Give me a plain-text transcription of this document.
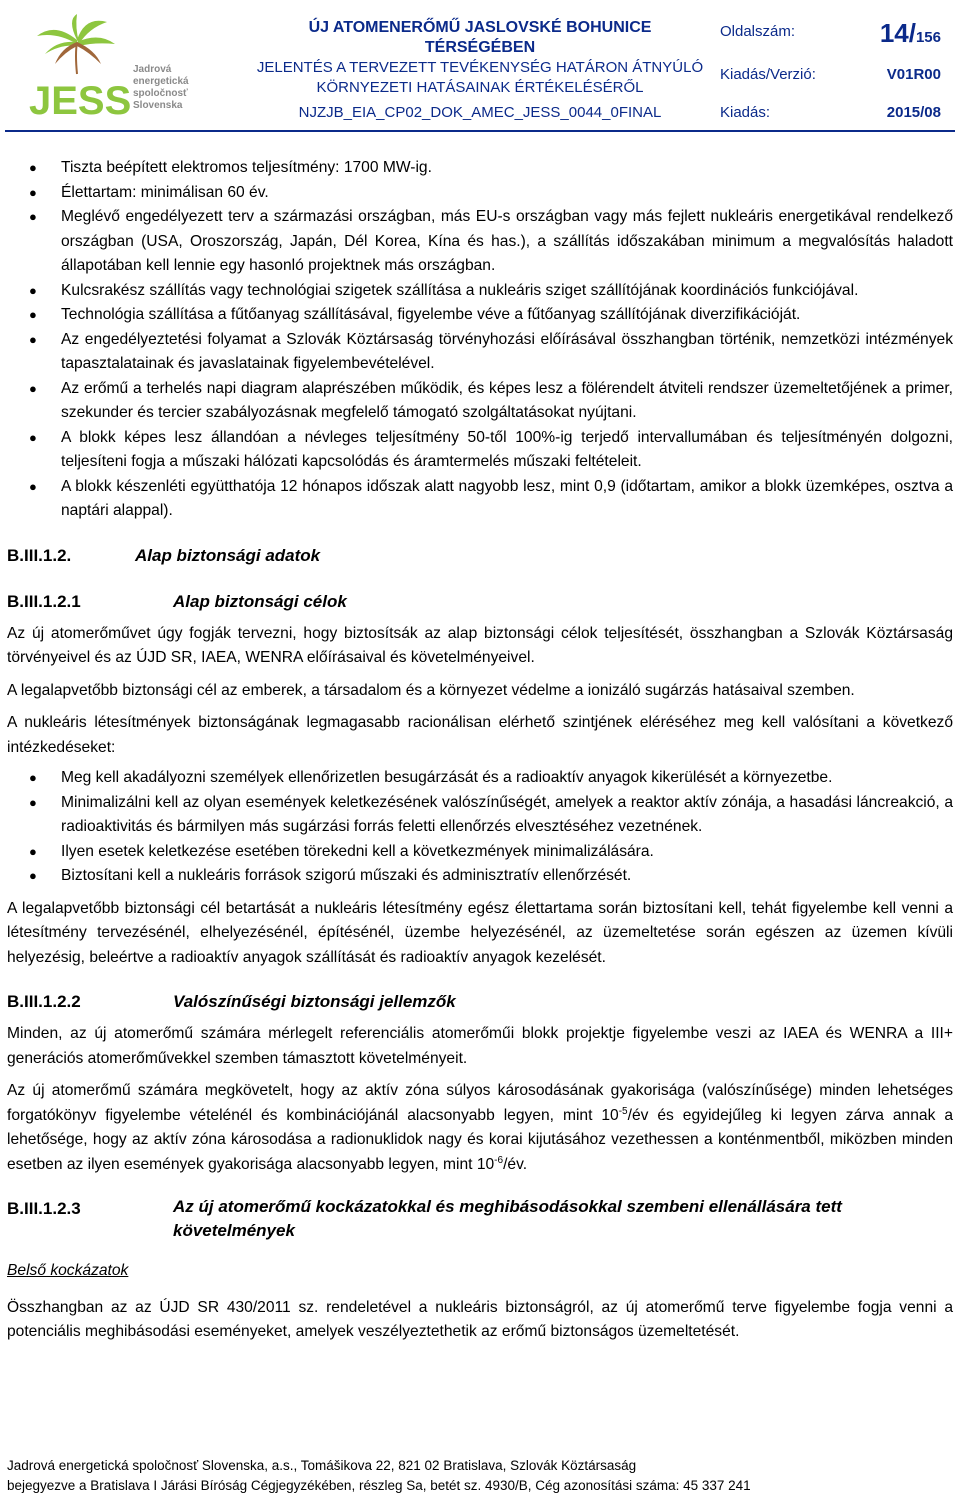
JESS
Jadrová
energetická
spoločnosť
Slovenska
ÚJ ATOMENERŐMŰ JASLOVSKÉ BOHUNICE TÉRSÉGÉBEN
JELENTÉS A TERVEZETT TEVÉKENYSÉG HATÁRON ÁTNYÚLÓ
KÖRNYEZETI HATÁSAINAK ÉRTÉKELÉSÉRŐL
NJZJB_EIA_CP02_DOK_AMEC_JESS_0044_0FINAL
Oldalszám:	14/156
Kiadás/Verzió:	V01R00
Kiadás:	2015/08
● Tiszta beépített elektromos teljesítmény: 1700 MW-ig.
● Élettartam: minimálisan 60 év.
● Meglévő engedélyezett terv a származási országban, más EU-s országban vagy más fejlett nukleáris energetikával rendelkező országban (USA, Oroszország, Japán, Dél Korea, Kína és has.), a szállítás időszakában minimum a megvalósítás haladott állapotában kell lennie egy hasonló projektnek más országban.
● Kulcsrakész szállítás vagy technológiai szigetek szállítása a nukleáris sziget szállítójának koordinációs funkciójával.
● Technológia szállítása a fűtőanyag szállításával, figyelembe véve a fűtőanyag szállítójának diverzifikációját.
● Az engedélyeztetési folyamat a Szlovák Köztársaság törvényhozási előírásával összhangban történik, nemzetközi intézmények tapasztalatainak és javaslatainak figyelembevételével.
● Az erőmű a terhelés napi diagram alaprészében működik, és képes lesz a fölérendelt átviteli rendszer üzemeltetőjének a primer, szekunder és tercier szabályozásnak megfelelő támogató szolgáltatásokat nyújtani.
● A blokk képes lesz állandóan a névleges teljesítmény 50-től 100%-ig terjedő intervallumában és teljesítményén dolgozni, teljesíteni fogja a műszaki hálózati kapcsolódás és áramtermelés műszaki feltételeit.
● A blokk készenléti együtthatója 12 hónapos időszak alatt nagyobb lesz, mint 0,9 (időtartam, amikor a blokk üzemképes, osztva a naptári alappal).
B.III.1.2.	Alap biztonsági adatok
B.III.1.2.1	Alap biztonsági célok

Az új atomerőművet úgy fogják tervezni, hogy biztosítsák az alap biztonsági célok teljesítését, összhangban a Szlovák Köztársaság törvényeivel és az ÚJD SR, IAEA, WENRA előírásaival és követelményeivel.

A legalapvetőbb biztonsági cél az emberek, a társadalom és a környezet védelme a ionizáló sugárzás hatásaival szemben.

A nukleáris létesítmények biztonságának legmagasabb racionálisan elérhető szintjének eléréséhez meg kell valósítani a következő intézkedéseket:

● Meg kell akadályozni személyek ellenőrizetlen besugárzását és a radioaktív anyagok kikerülését a környezetbe.
● Minimalizálni kell az olyan események keletkezésének valószínűségét, amelyek a reaktor aktív zónája, a hasadási láncreakció, a radioaktivitás és bármilyen más sugárzási forrás feletti ellenőrzés elvesztéséhez vezetnének.
● Ilyen esetek keletkezése esetében törekedni kell a következmények minimalizálására.
● Biztosítani kell a nukleáris források szigorú műszaki és adminisztratív ellenőrzését.

A legalapvetőbb biztonsági cél betartását a nukleáris létesítmény egész élettartama során biztosítani kell, tehát figyelembe kell venni a létesítmény tervezésénél, elhelyezésénél, építésénél, üzembe helyezésénél, az üzemeltetése során egészen az üzemen kívüli helyezésig, beleértve a radioaktív anyagok szállítását és radioaktív anyagok kezelését.

B.III.1.2.2	Valószínűségi biztonsági jellemzők

Minden, az új atomerőmű számára mérlegelt referenciális atomerőműi blokk projektje figyelembe veszi az IAEA és WENRA a III+ generációs atomerőművekkel szemben támasztott követelményeit.

Az új atomerőmű számára megkövetelt, hogy az aktív zóna súlyos károsodásának gyakorisága (valószínűsége) minden lehetséges forgatókönyv figyelembe vételénél és kombinációjánál alacsonyabb legyen, mint $10^{-5}/év$ és egyidejűleg ki legyen zárva annak a lehetősége, hogy az aktív zóna károsodása a radionuklidok nagy és korai kijutásához vezethessen a konténmentből, miközben minden esetben az ilyen események gyakorisága alacsonyabb legyen, mint $10^{-6}/év$.

B.III.1.2.3	Az új atomerőmű kockázatokkal és meghibásodásokkal szembeni ellenállására tett követelmények
Belső kockázatok

Összhangban az az ÚJD SR 430/2011 sz. rendeletével a nukleáris biztonságról, az új atomerőmű terve figyelembe fogja venni a potenciális meghibásodási eseményeket, amelyek veszélyeztethetik az erőmű biztonságos üzemeltetését.

Jadrová energetická spoločnosť Slovenska, a.s., Tomášikova 22, 821 02 Bratislava, Szlovák Köztársaság
bejegyezve a Bratislava I Járási Bíróság Cégjegyzékében, részleg Sa, betét sz. 4930/B, Cég azonosítási száma: 45 337 241
